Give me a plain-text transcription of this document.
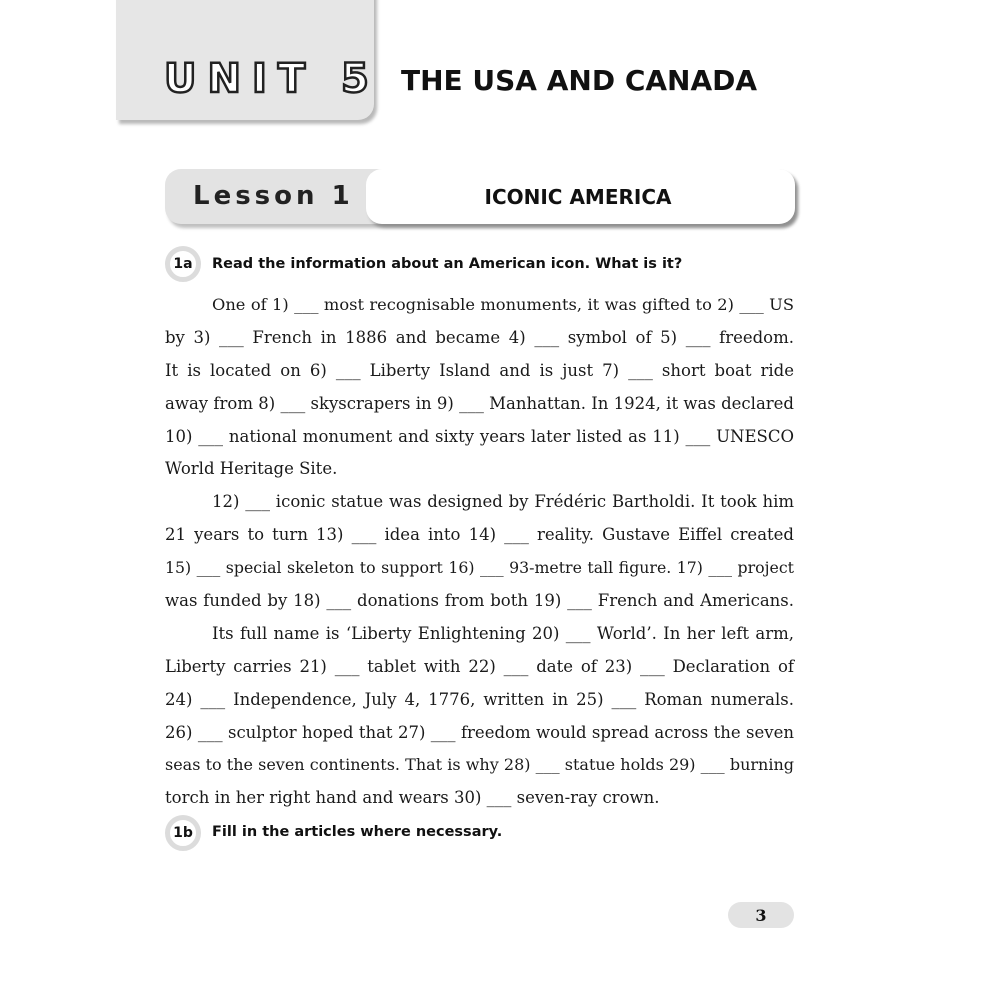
UNIT 5 THE USA AND CANADA
Lesson 1	ICONIC AMERICA
1a	Read the information about an American icon. What is it?
One of 1) ___ most recognisable monuments, it was gifted to 2) ___ US
by 3) ___ French in 1886 and became 4) ___ symbol of 5) ___ freedom.
It is located on 6) ___ Liberty Island and is just 7) ___ short boat ride
away from 8) ___ skyscrapers in 9) ___ Manhattan. In 1924, it was declared
10) ___ national monument and sixty years later listed as 11) ___ UNESCO
World Heritage Site.
12) ___ iconic statue was designed by Frédéric Bartholdi. It took him
21 years to turn 13) ___ idea into 14) ___ reality. Gustave Eiffel created
15) ___ special skeleton to support 16) ___ 93-metre tall figure. 17) ___ project
was funded by 18) ___ donations from both 19) ___ French and Americans.
Its full name is ‘Liberty Enlightening 20) ___ World’. In her left arm,
Liberty carries 21) ___ tablet with 22) ___ date of 23) ___ Declaration of
24) ___ Independence, July 4, 1776, written in 25) ___ Roman numerals.
26) ___ sculptor hoped that 27) ___ freedom would spread across the seven
seas to the seven continents. That is why 28) ___ statue holds 29) ___ burning
torch in her right hand and wears 30) ___ seven-ray crown.
1b	Fill in the articles where necessary.
3
